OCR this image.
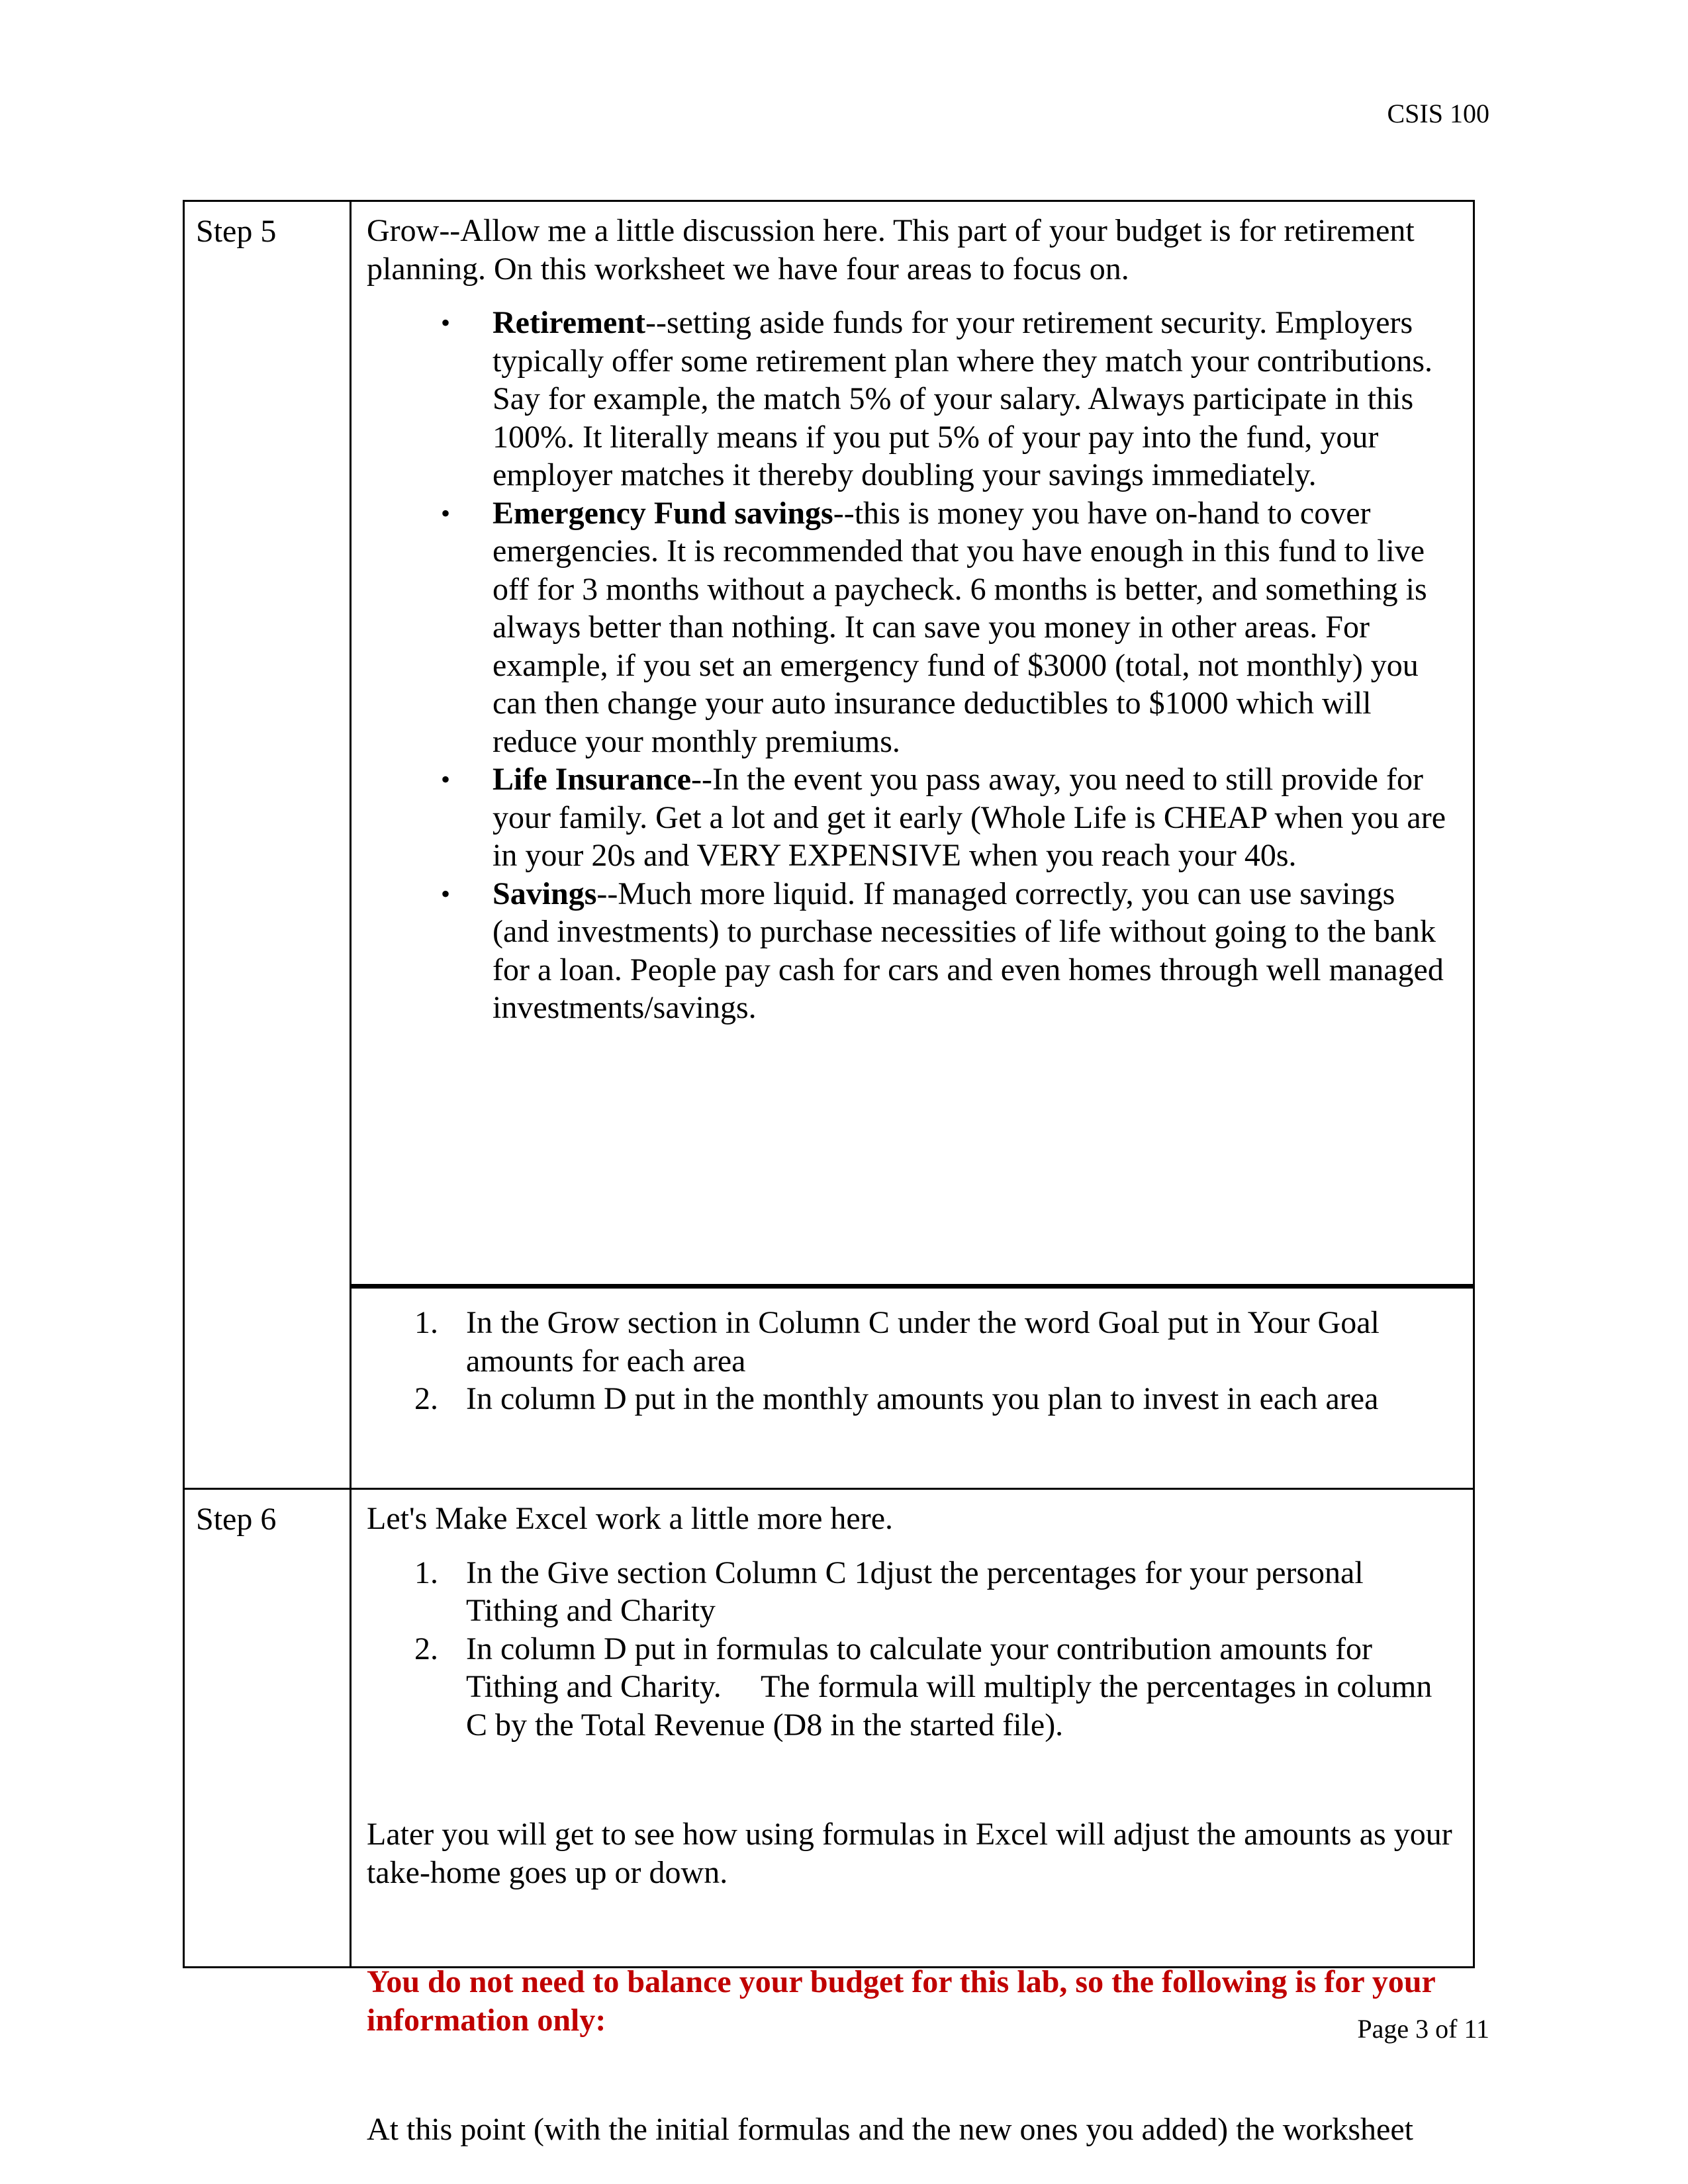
CSIS 100
Step 5	Grow--Allow me a little discussion here. This part of your budget is for retirement planning. On this worksheet we have four areas to focus on.

• Retirement--setting aside funds for your retirement security. Employers typically offer some retirement plan where they match your contributions. Say for example, the match 5% of your salary. Always participate in this 100%. It literally means if you put 5% of your pay into the fund, your employer matches it thereby doubling your savings immediately.
• Emergency Fund savings--this is money you have on-hand to cover emergencies. It is recommended that you have enough in this fund to live off for 3 months without a paycheck. 6 months is better, and something is always better than nothing. It can save you money in other areas. For example, if you set an emergency fund of $3000 (total, not monthly) you can then change your auto insurance deductibles to $1000 which will reduce your monthly premiums.
• Life Insurance--In the event you pass away, you need to still provide for your family. Get a lot and get it early (Whole Life is CHEAP when you are in your 20s and VERY EXPENSIVE when you reach your 40s.
• Savings--Much more liquid. If managed correctly, you can use savings (and investments) to purchase necessities of life without going to the bank for a loan. People pay cash for cars and even homes through well managed investments/savings.
1. In the Grow section in Column C under the word Goal put in Your Goal amounts for each area
2. In column D put in the monthly amounts you plan to invest in each area
Step 6	Let's Make Excel work a little more here.

1. In the Give section Column C 1djust the percentages for your personal Tithing and Charity
2. In column D put in formulas to calculate your contribution amounts for Tithing and Charity.     The formula will multiply the percentages in column C by the Total Revenue (D8 in the started file).

Later you will get to see how using formulas in Excel will adjust the amounts as your take-home goes up or down.

You do not need to balance your budget for this lab, so the following is for your information only:

At this point (with the initial formulas and the new ones you added) the worksheet

Page 3 of 11
